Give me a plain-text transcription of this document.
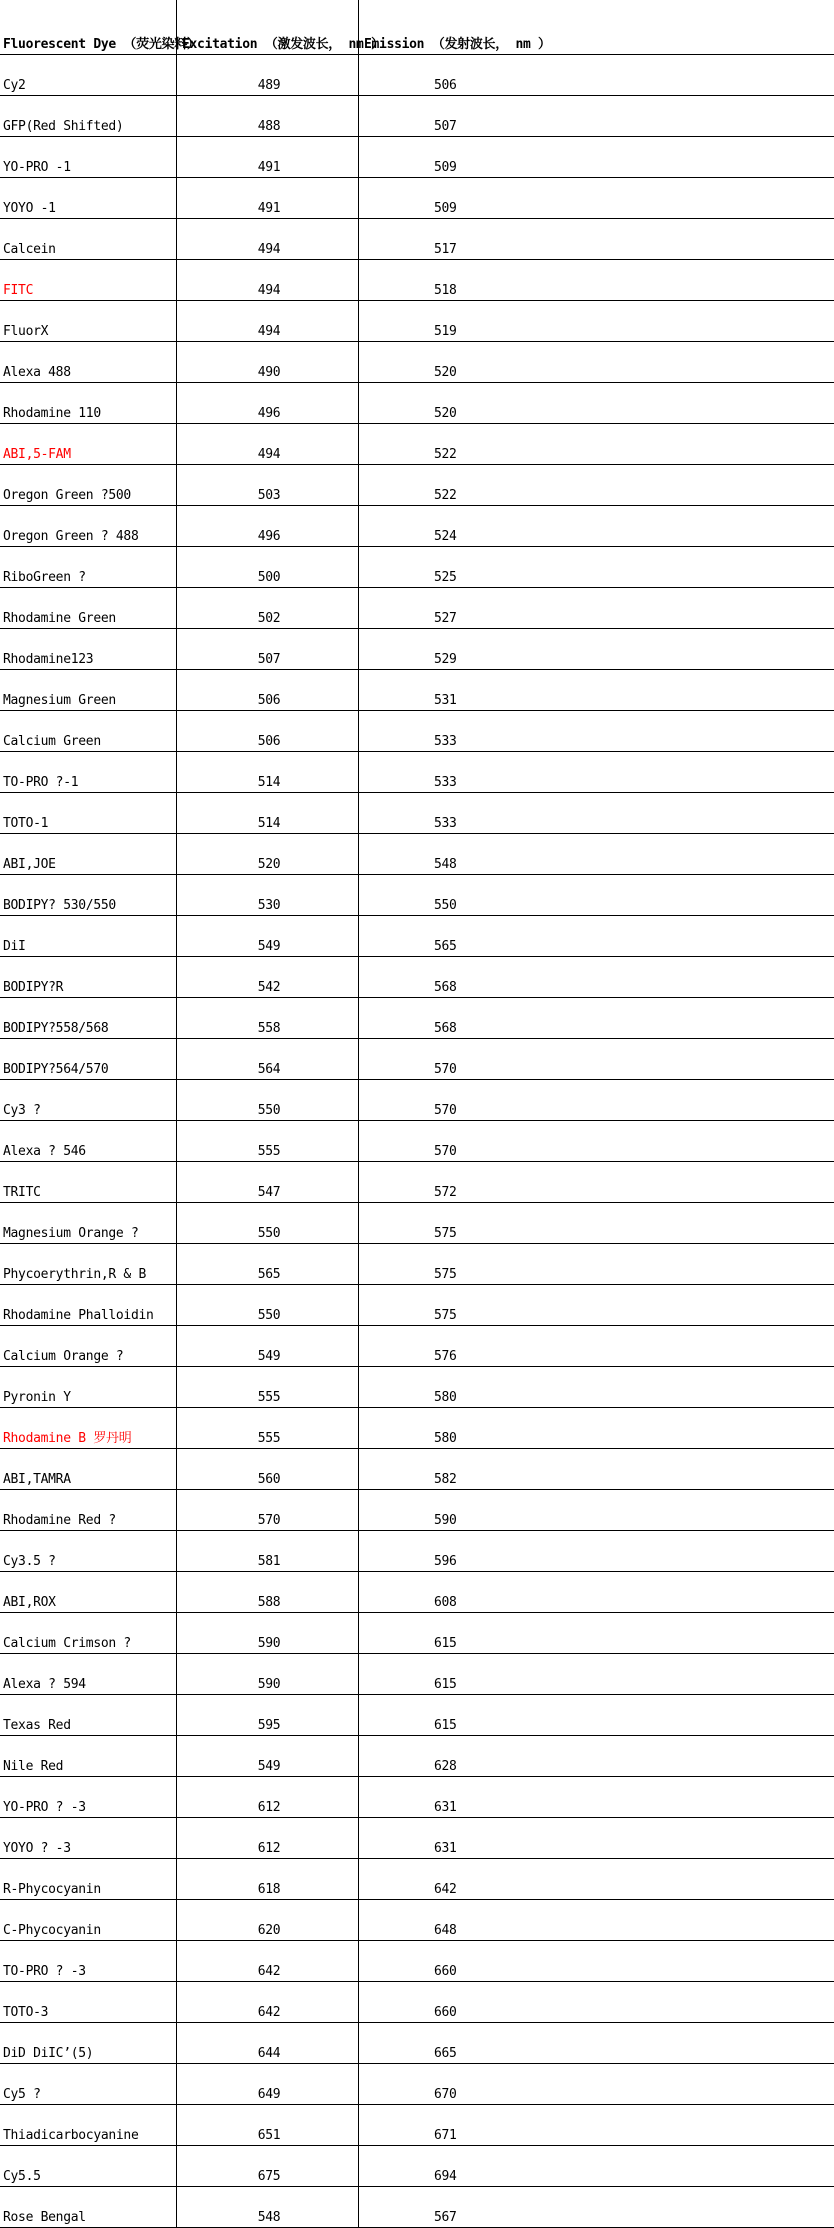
Fluorescent Dye （荧光染料）	Excitation （激发波长， nm ）	Emission （发射波长， nm ）
Cy2	489	506
GFP(Red Shifted)	488	507
YO-PRO -1	491	509
YOYO -1	491	509
Calcein	494	517
FITC	494	518
FluorX	494	519
Alexa 488	490	520
Rhodamine 110	496	520
ABI,5-FAM	494	522
Oregon Green ?500	503	522
Oregon Green ? 488	496	524
RiboGreen ?	500	525
Rhodamine Green	502	527
Rhodamine123	507	529
Magnesium Green	506	531
Calcium Green	506	533
TO-PRO ?-1	514	533
TOTO-1	514	533
ABI,JOE	520	548
BODIPY? 530/550	530	550
DiI	549	565
BODIPY?R	542	568
BODIPY?558/568	558	568
BODIPY?564/570	564	570
Cy3 ?	550	570
Alexa ? 546	555	570
TRITC	547	572
Magnesium Orange ?	550	575
Phycoerythrin,R & B	565	575
Rhodamine Phalloidin	550	575
Calcium Orange ?	549	576
Pyronin Y	555	580
Rhodamine B 罗丹明	555	580
ABI,TAMRA	560	582
Rhodamine Red ?	570	590
Cy3.5 ?	581	596
ABI,ROX	588	608
Calcium Crimson ?	590	615
Alexa ? 594	590	615
Texas Red	595	615
Nile Red	549	628
YO-PRO ? -3	612	631
YOYO ? -3	612	631
R-Phycocyanin	618	642
C-Phycocyanin	620	648
TO-PRO ? -3	642	660
TOTO-3	642	660
DiD DiIC’(5)	644	665
Cy5 ?	649	670
Thiadicarbocyanine	651	671
Cy5.5	675	694
Rose Bengal	548	567
